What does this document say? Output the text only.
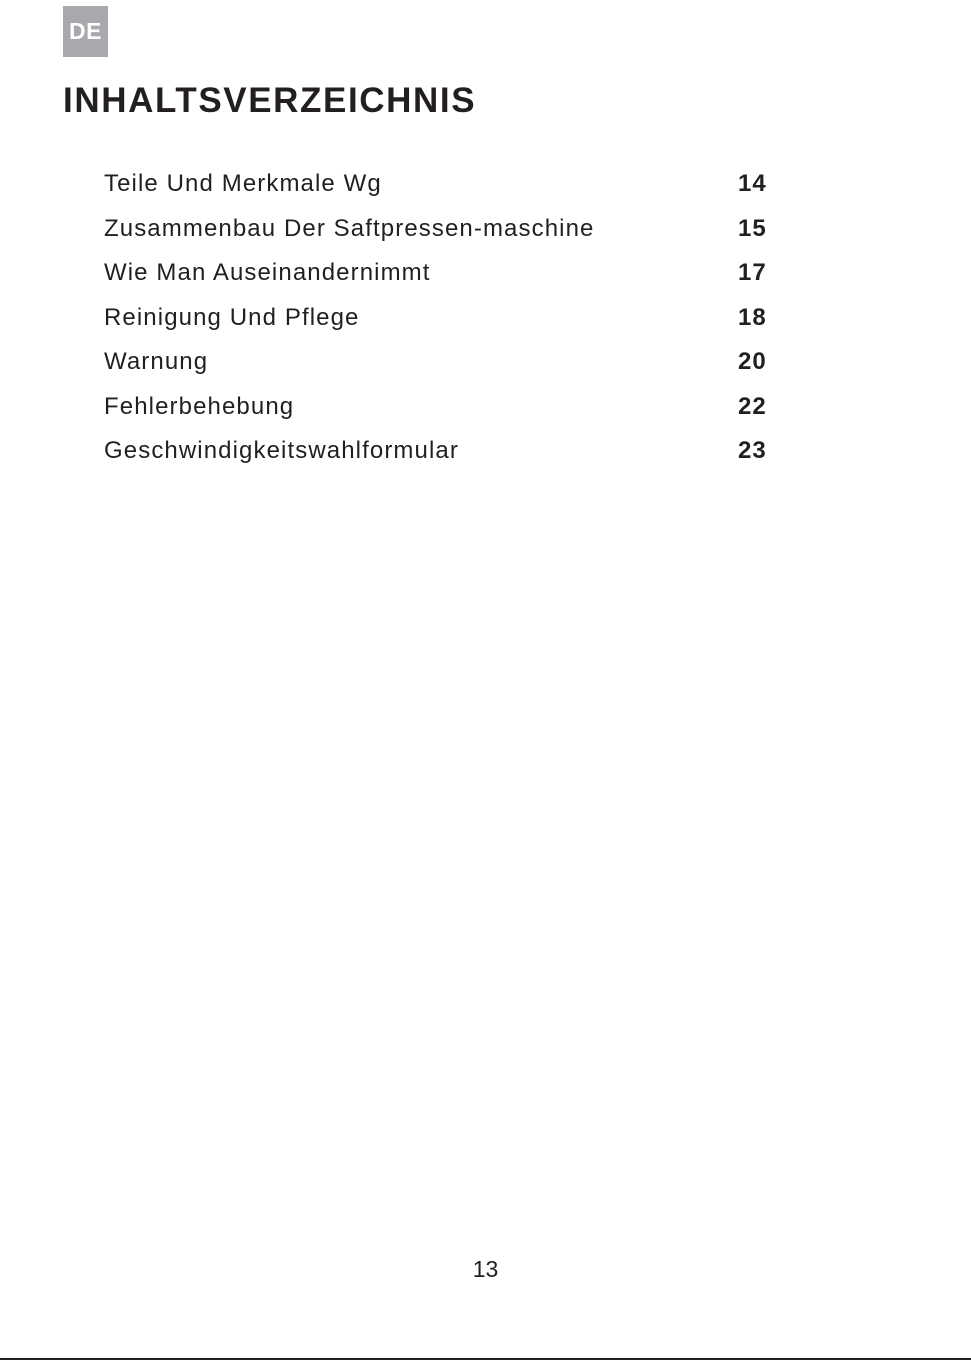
DE
INHALTSVERZEICHNIS
Teile Und Merkmale Wg	14
Zusammenbau Der Saftpressen-maschine	15
Wie Man Auseinandernimmt	17
Reinigung Und Pflege	18
Warnung	20
Fehlerbehebung	22
Geschwindigkeitswahlformular	23
13
